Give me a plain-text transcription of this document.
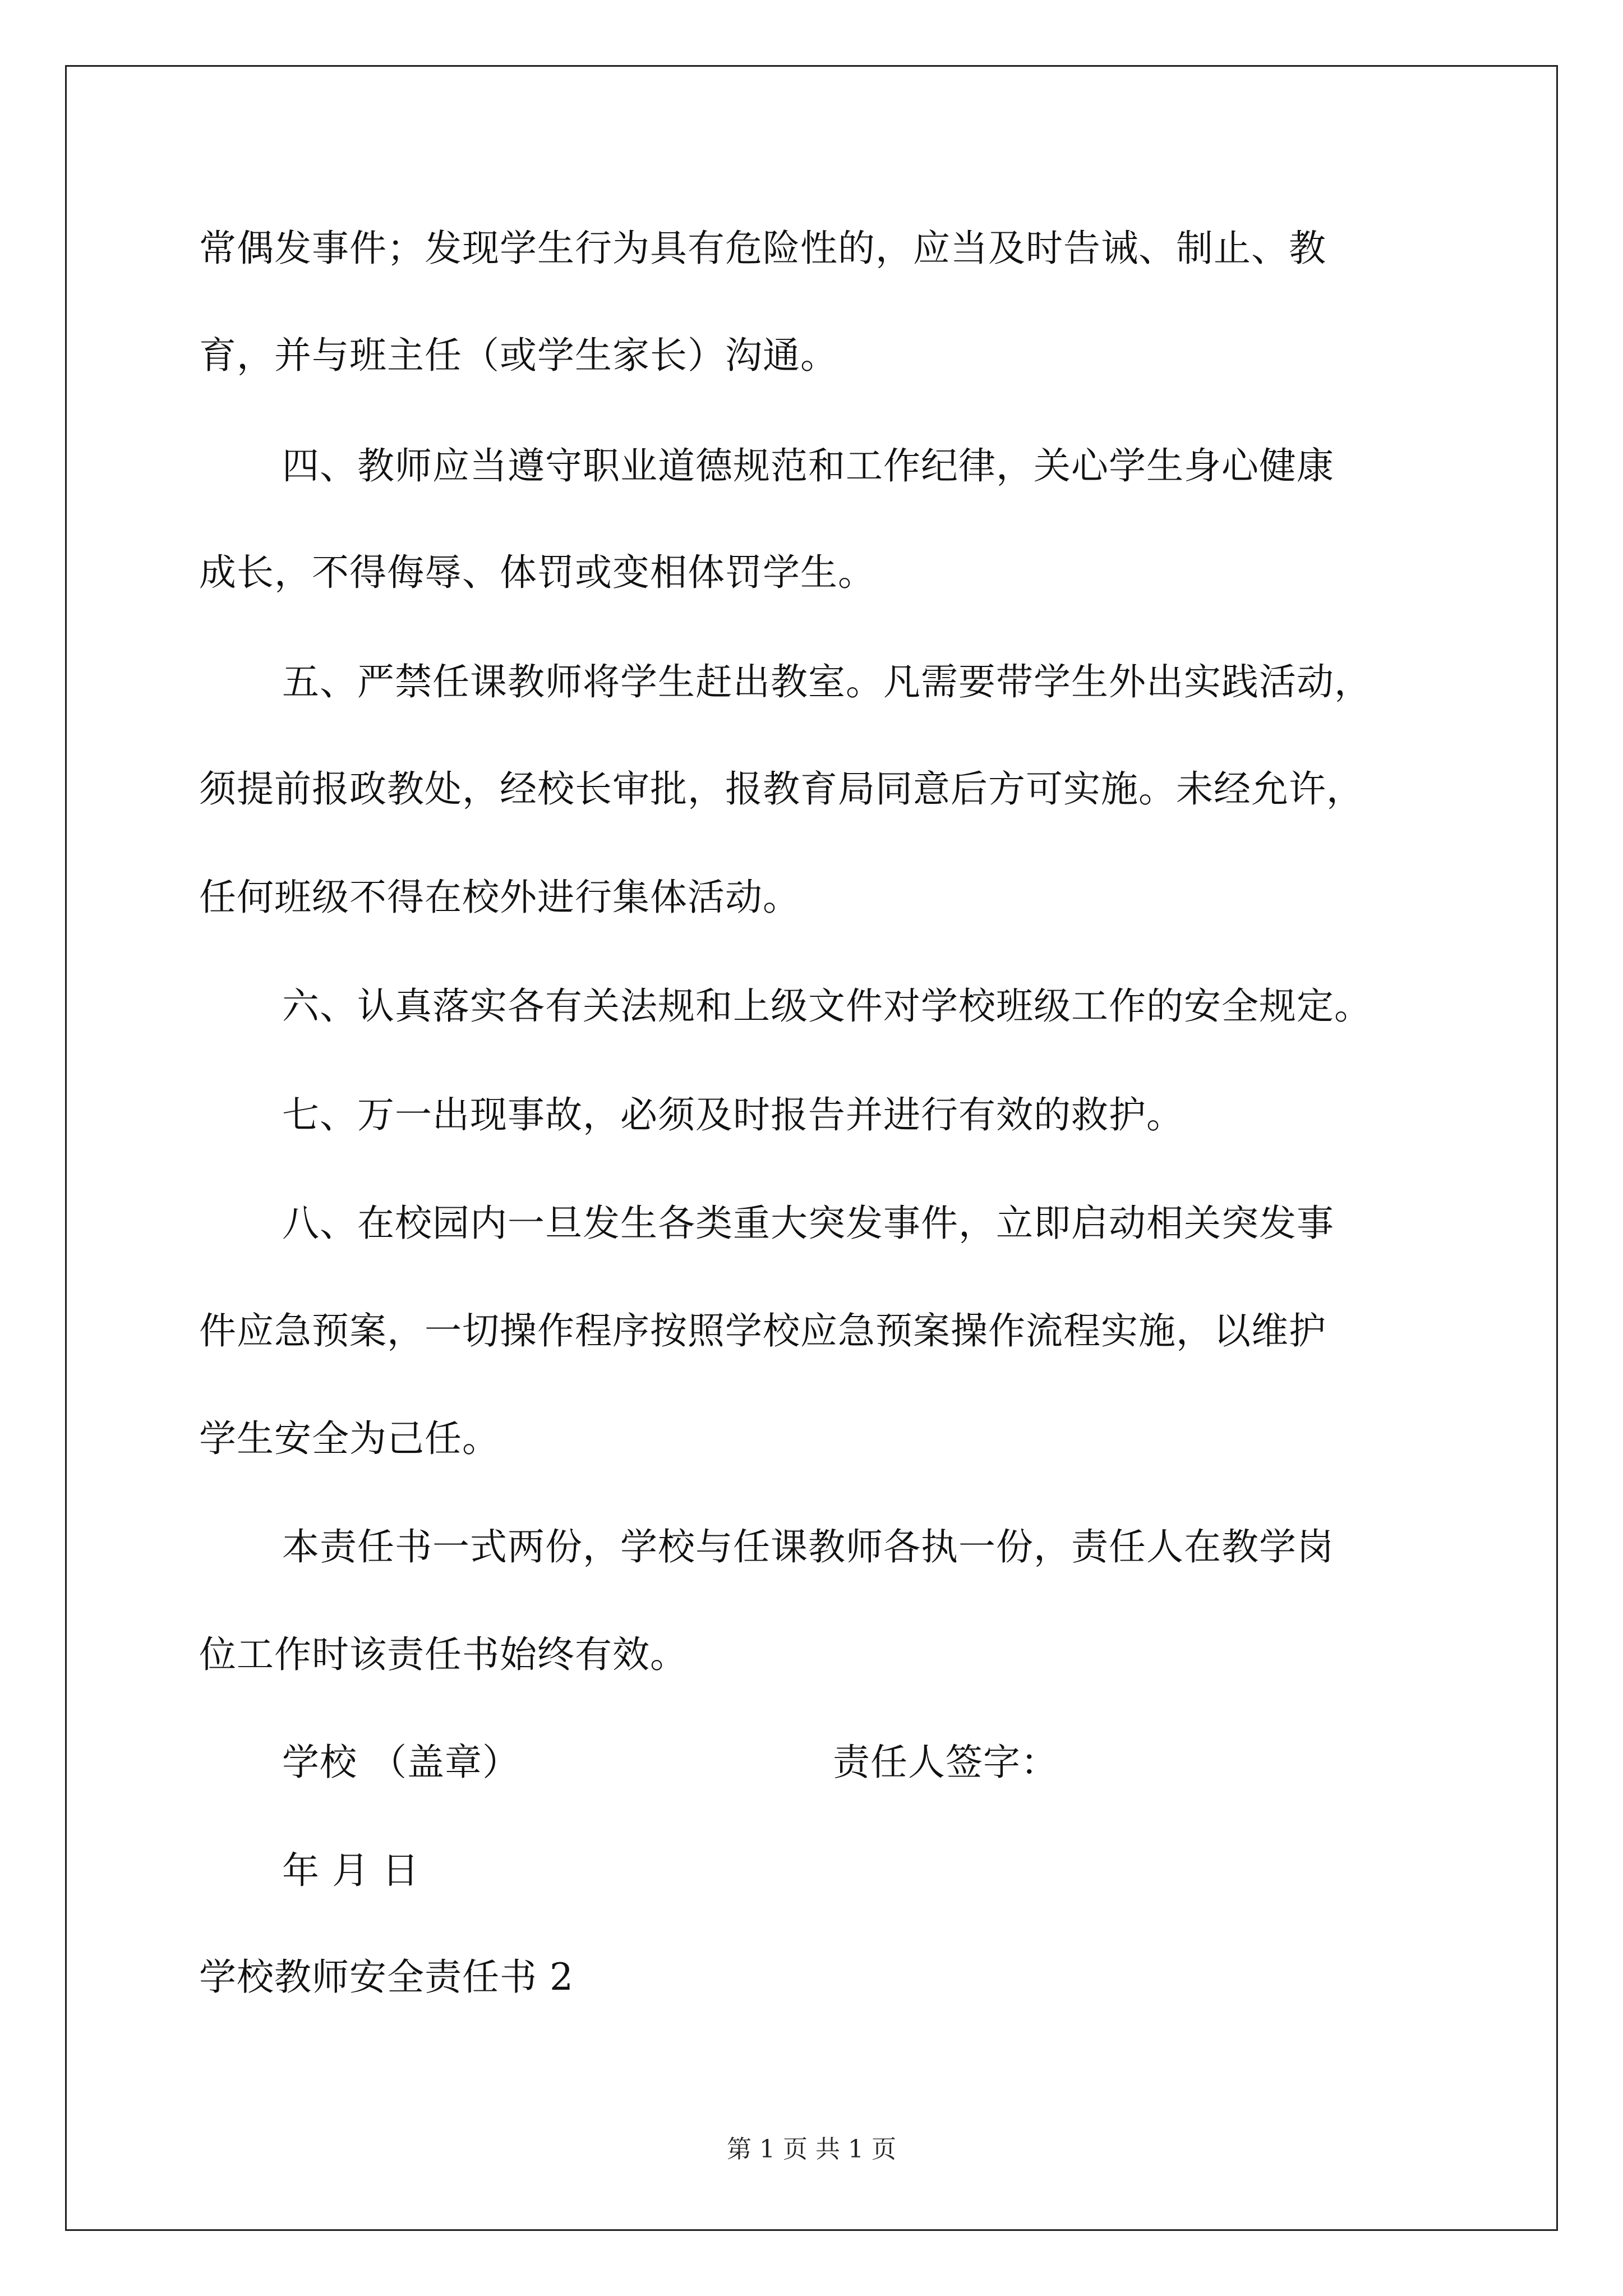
常偶发事件；发现学生行为具有危险性的，应当及时告诫、制止、教
育，并与班主任（或学生家长）沟通。
四、教师应当遵守职业道德规范和工作纪律，关心学生身心健康
成长，不得侮辱、体罚或变相体罚学生。
五、严禁任课教师将学生赶出教室。凡需要带学生外出实践活动，
须提前报政教处，经校长审批，报教育局同意后方可实施。未经允许，
任何班级不得在校外进行集体活动。
六、认真落实各有关法规和上级文件对学校班级工作的安全规定。
七、万一出现事故，必须及时报告并进行有效的救护。
八、在校园内一旦发生各类重大突发事件，立即启动相关突发事
件应急预案，一切操作程序按照学校应急预案操作流程实施，以维护
学生安全为己任。
本责任书一式两份，学校与任课教师各执一份，责任人在教学岗
位工作时该责任书始终有效。
学校 （盖章）	责任人签字：
年 月 日
学校教师安全责任书 2
第 1 页 共 1 页
